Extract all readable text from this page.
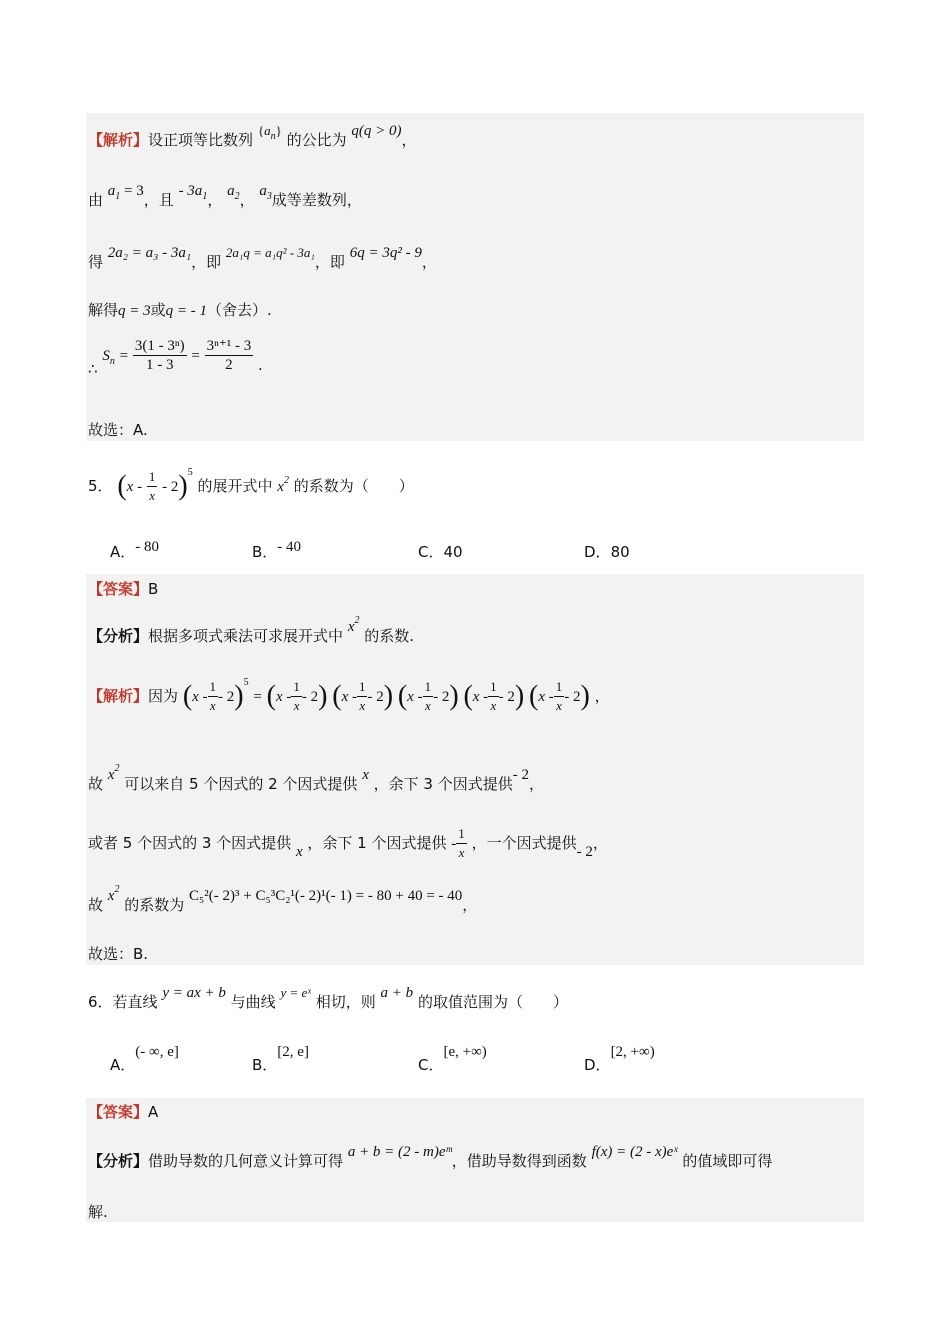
【解析】设正项等比数列 $\{a_n\}$ 的公比为 q(q > 0)，
由 $a_1 = 3$，且 - $3a_1$， $a_2$， $a_3$成等差数列，
得 2a₂ = a₃ - 3a₁，即 2a₁q = a₁q² - 3a₁，即 6q = 3q² - 9，
解得q = 3或q = - 1（舍去）.
∴ $S_n = \frac{\text{3(1 - 3ⁿ)}}{1 - 3} = \frac{\text{3ⁿ⁺¹ - 3}}{2}$ .
故选：A.
5． $(x - \frac{1}{x} - 2)^5$ 的展开式中 $x^2$ 的系数为（　　）
A．- 80	B．- 40	C．40	D．80
【答案】B
【分析】根据多项式乘法可求展开式中 $x^2$ 的系数.
【解析】因为 $(x - \frac{1}{x} - 2)^5 = (x - \frac{1}{x} - 2)$ $(x - \frac{1}{x} - 2)$ $(x - \frac{1}{x} - 2)$ $(x - \frac{1}{x} - 2)$ $(x - \frac{1}{x} - 2)$ ，
故 $x^2$ 可以来自 5 个因式的 2 个因式提供 x ，余下 3 个因式提供- 2，
或者 5 个因式的 3 个因式提供 x ，余下 1 个因式提供 - $\frac{1}{x}$ ，一个因式提供- 2，
故 $x^2$ 的系数为 C₅²(- 2)³ + C₅³C₂¹(- 2)¹(- 1) = - 80 + 40 = - 40，
故选：B.
6．若直线 y = ax + b 与曲线 y = eˣ 相切，则 a + b 的取值范围为（　　）
A．(- ∞, e]
B．[2, e]
C．[e, +∞)
D．[2, +∞)
【答案】A
【分析】借助导数的几何意义计算可得 a + b = (2 - m)eᵐ，借助导数得到函数 f(x) = (2 - x)eˣ 的值域即可得
解.
